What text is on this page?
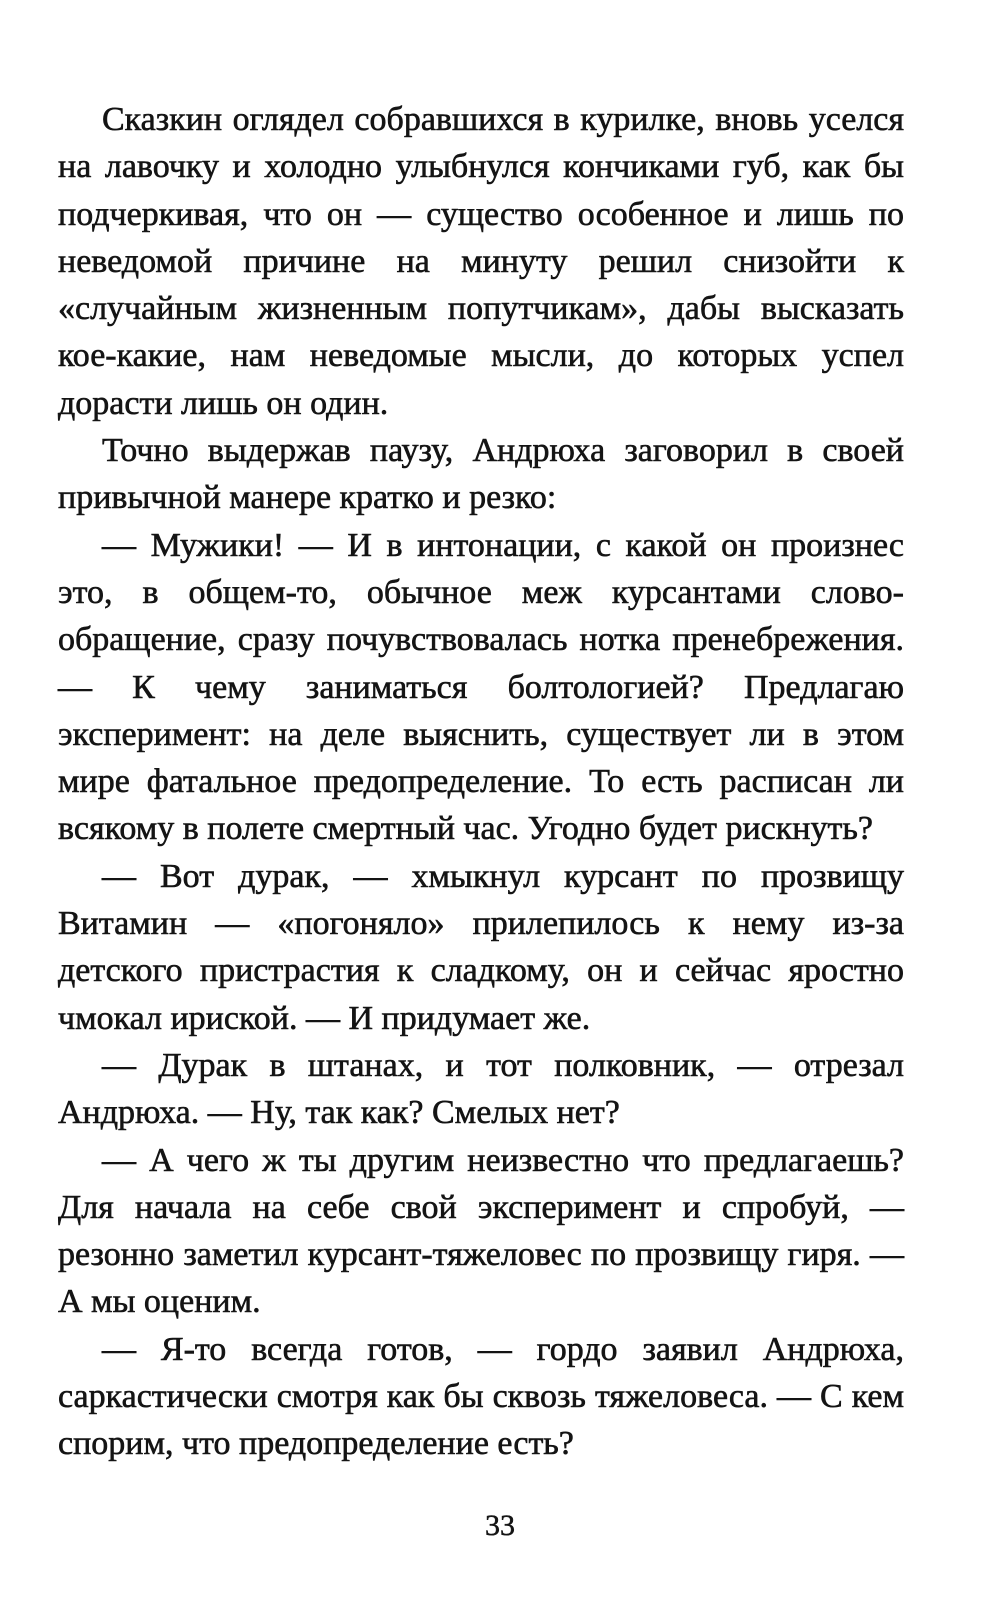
Сказкин оглядел собравшихся в курилке, вновь уселся на лавочку и холодно улыбнулся кончиками губ, как бы подчеркивая, что он — существо особенное и лишь по неведомой причине на минуту решил снизойти к «случайным жизненным попутчикам», дабы высказать кое-какие, нам неведомые мысли, до которых успел дорасти лишь он один.

Точно выдержав паузу, Андрюха заговорил в своей привычной манере кратко и резко:

— Мужики! — И в интонации, с какой он произнес это, в общем-то, обычное меж курсантами слово-обращение, сразу почувствовалась нотка пренебрежения. — К чему заниматься болтологией? Предлагаю эксперимент: на деле выяснить, существует ли в этом мире фатальное предопределение. То есть расписан ли всякому в полете смертный час. Угодно будет рискнуть?

— Вот дурак, — хмыкнул курсант по прозвищу Витамин — «погоняло» прилепилось к нему из-за детского пристрастия к сладкому, он и сейчас яростно чмокал ириской. — И придумает же.

— Дурак в штанах, и тот полковник, — отрезал Андрюха. — Ну, так как? Смелых нет?

— А чего ж ты другим неизвестно что предлагаешь? Для начала на себе свой эксперимент и спробуй, — резонно заметил курсант-тяжеловес по прозвищу гиря. — А мы оценим.

— Я-то всегда готов, — гордо заявил Андрюха, саркастически смотря как бы сквозь тяжеловеса. — С кем спорим, что предопределение есть?

33
